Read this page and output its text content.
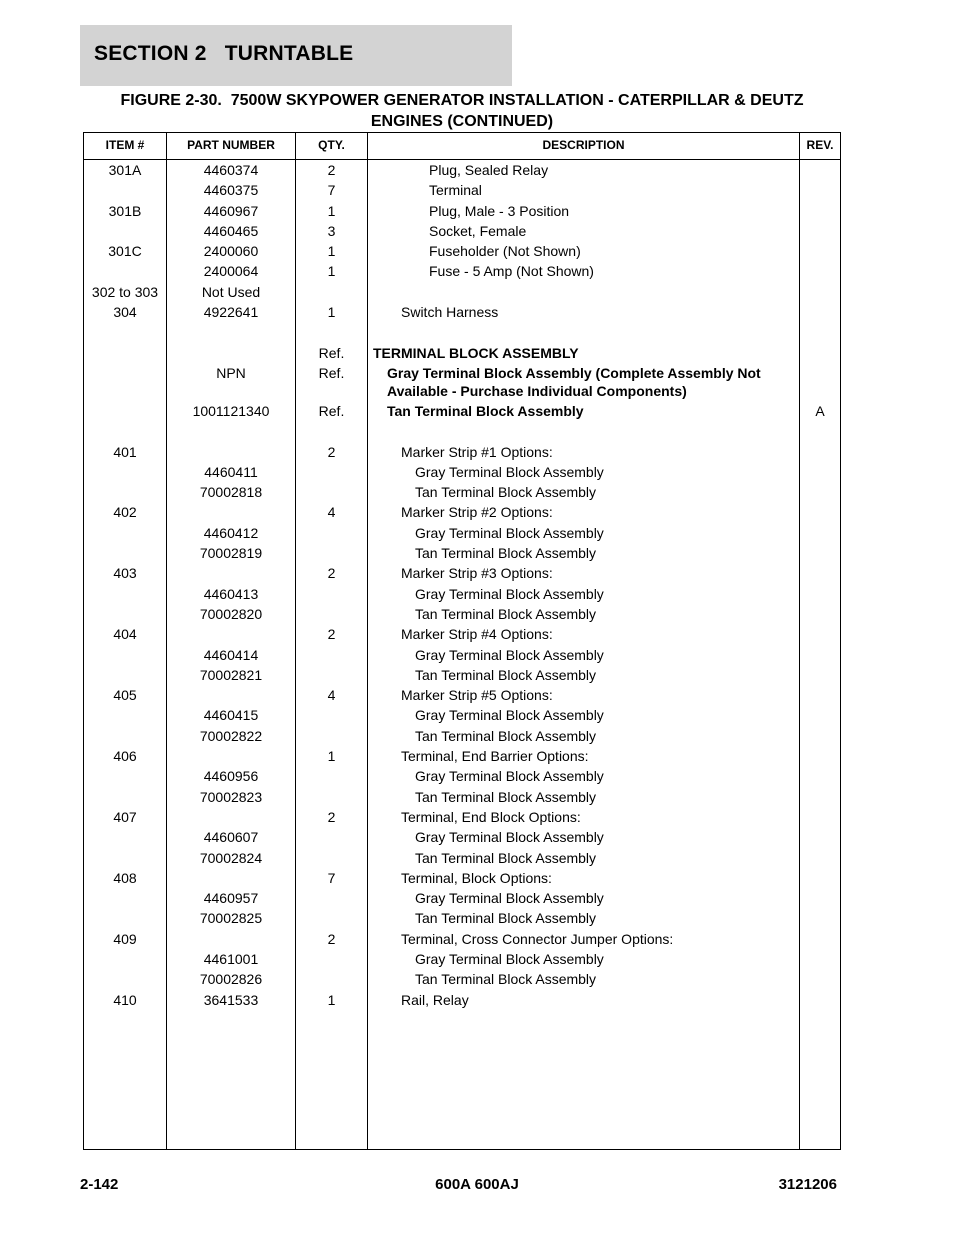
SECTION 2   TURNTABLE
FIGURE 2-30.  7500W SKYPOWER GENERATOR INSTALLATION - CATERPILLAR & DEUTZ
ENGINES (CONTINUED)
ITEM #	PART NUMBER	QTY.	DESCRIPTION	REV.
301A	4460374	2	Plug, Sealed Relay
4460375	7	Terminal
301B	4460967	1	Plug, Male - 3 Position
4460465	3	Socket, Female
301C	2400060	1	Fuseholder (Not Shown)
2400064	1	Fuse - 5 Amp (Not Shown)
302 to 303	Not Used
304	4922641	1	Switch Harness
Ref.	TERMINAL BLOCK ASSEMBLY
NPN	Ref.	Gray Terminal Block Assembly (Complete Assembly Not
Available - Purchase Individual Components)
1001121340	Ref.	Tan Terminal Block Assembly	A
401	2	Marker Strip #1 Options:
4460411	Gray Terminal Block Assembly
70002818	Tan Terminal Block Assembly
402	4	Marker Strip #2 Options:
4460412	Gray Terminal Block Assembly
70002819	Tan Terminal Block Assembly
403	2	Marker Strip #3 Options:
4460413	Gray Terminal Block Assembly
70002820	Tan Terminal Block Assembly
404	2	Marker Strip #4 Options:
4460414	Gray Terminal Block Assembly
70002821	Tan Terminal Block Assembly
405	4	Marker Strip #5 Options:
4460415	Gray Terminal Block Assembly
70002822	Tan Terminal Block Assembly
406	1	Terminal, End Barrier Options:
4460956	Gray Terminal Block Assembly
70002823	Tan Terminal Block Assembly
407	2	Terminal, End Block Options:
4460607	Gray Terminal Block Assembly
70002824	Tan Terminal Block Assembly
408	7	Terminal, Block Options:
4460957	Gray Terminal Block Assembly
70002825	Tan Terminal Block Assembly
409	2	Terminal, Cross Connector Jumper Options:
4461001	Gray Terminal Block Assembly
70002826	Tan Terminal Block Assembly
410	3641533	1	Rail, Relay
2-142	600A 600AJ	3121206
